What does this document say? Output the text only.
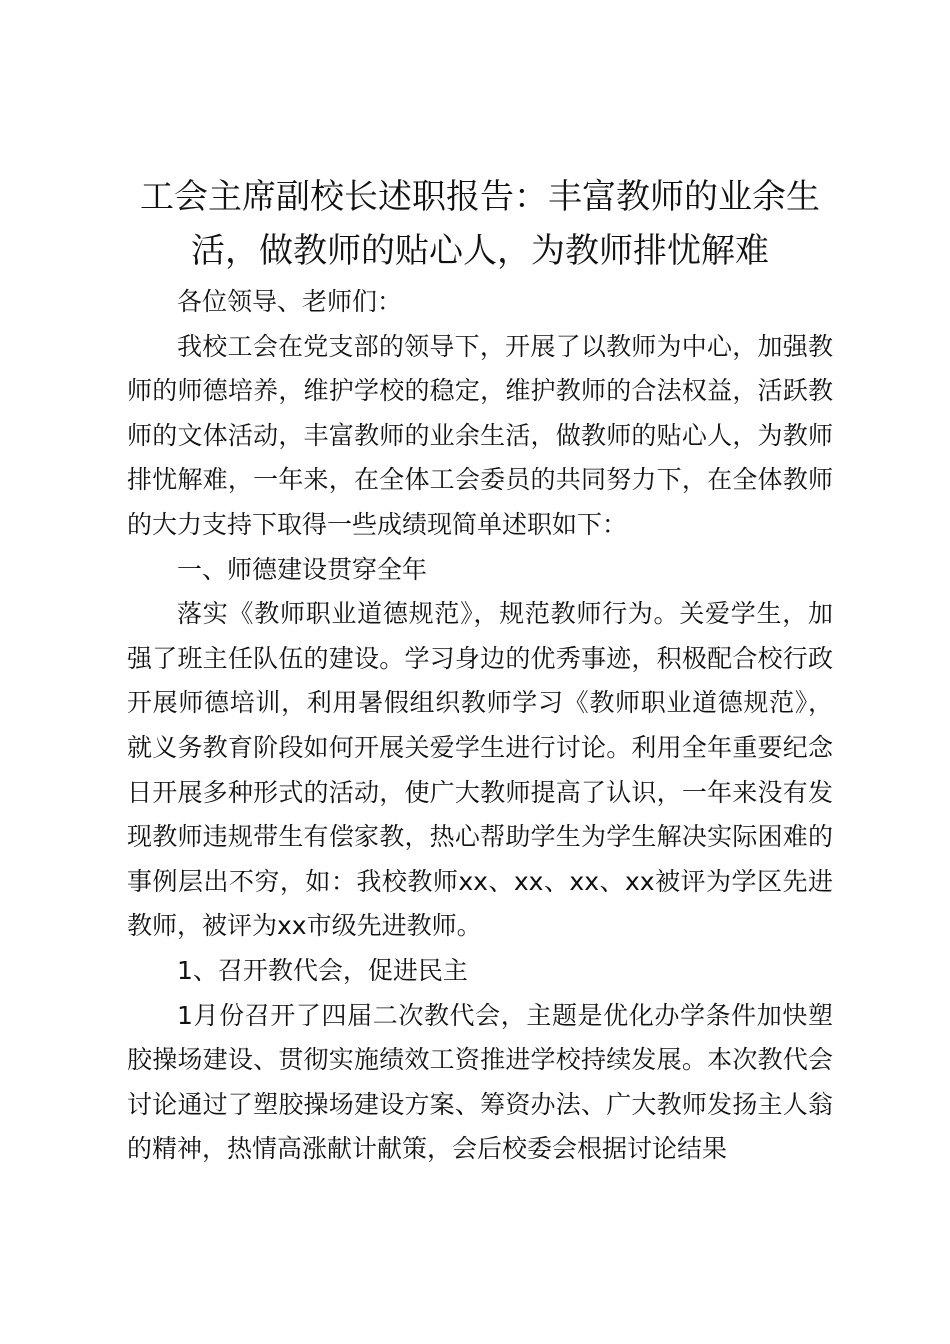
工会主席副校长述职报告：丰富教师的业余生活，做教师的贴心人，为教师排忧解难

各位领导、老师们：

我校工会在党支部的领导下，开展了以教师为中心，加强教师的师德培养，维护学校的稳定，维护教师的合法权益，活跃教师的文体活动，丰富教师的业余生活，做教师的贴心人，为教师排忧解难，一年来，在全体工会委员的共同努力下，在全体教师的大力支持下取得一些成绩现简单述职如下：

一、师德建设贯穿全年

落实《教师职业道德规范》，规范教师行为。关爱学生，加强了班主任队伍的建设。学习身边的优秀事迹，积极配合校行政开展师德培训，利用暑假组织教师学习《教师职业道德规范》，就义务教育阶段如何开展关爱学生进行讨论。利用全年重要纪念日开展多种形式的活动，使广大教师提高了认识，一年来没有发现教师违规带生有偿家教，热心帮助学生为学生解决实际困难的事例层出不穷，如：我校教师xx、xx、xx、xx被评为学区先进教师，被评为xx市级先进教师。

1、召开教代会，促进民主

1月份召开了四届二次教代会，主题是优化办学条件加快塑胶操场建设、贯彻实施绩效工资推进学校持续发展。本次教代会讨论通过了塑胶操场建设方案、筹资办法、广大教师发扬主人翁的精神，热情高涨献计献策，会后校委会根据讨论结果
